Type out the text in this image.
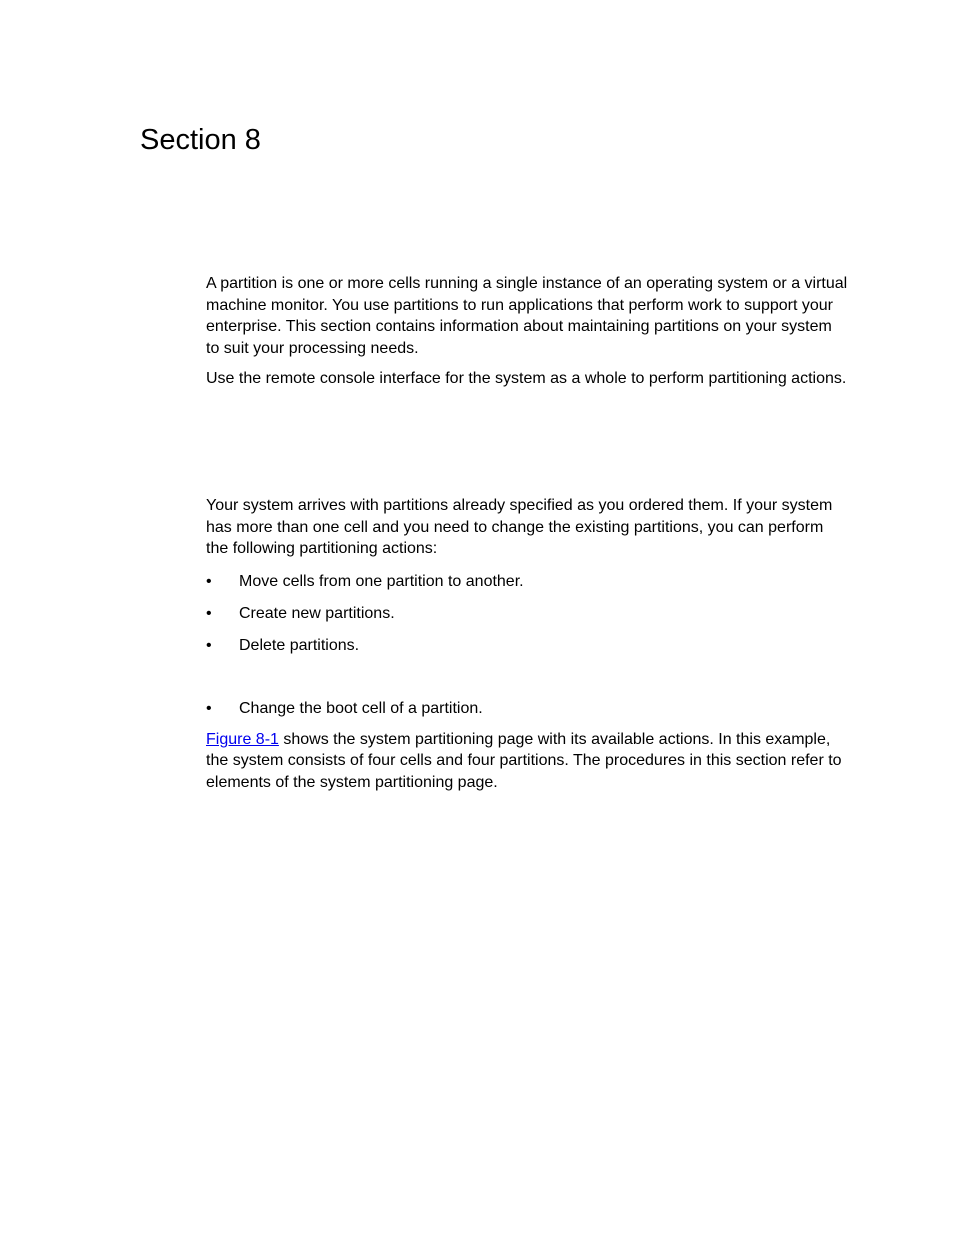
Section 8

A partition is one or more cells running a single instance of an operating system or a virtual machine monitor. You use partitions to run applications that perform work to support your enterprise. This section contains information about maintaining partitions on your system to suit your processing needs.

Use the remote console interface for the system as a whole to perform partitioning actions.

Your system arrives with partitions already specified as you ordered them. If your system has more than one cell and you need to change the existing partitions, you can perform the following partitioning actions:

• Move cells from one partition to another.
• Create new partitions.
• Delete partitions.
• Change the boot cell of a partition.

Figure 8-1 shows the system partitioning page with its available actions. In this example, the system consists of four cells and four partitions. The procedures in this section refer to elements of the system partitioning page.
